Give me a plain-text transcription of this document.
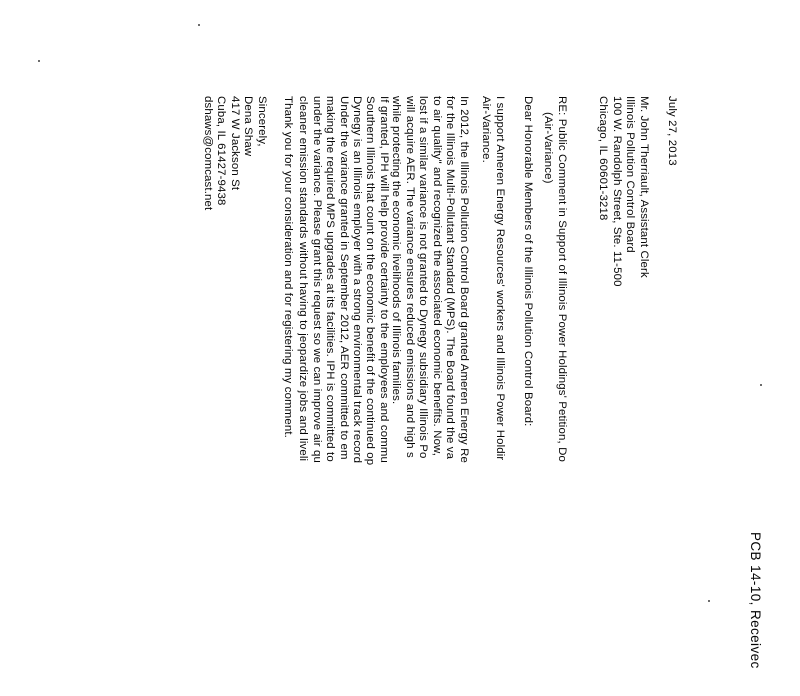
PCB 14-10, Receivec
July 27, 2013
Mr. John Therriault, Assistant Clerk
Illinois Pollution Control Board
100 W. Randolph Street, Ste. 11-500
Chicago, IL 60601-3218
RE: Public Comment in Support of Illinois Power Holdings' Petition, Do
(Air-Variance)
Dear Honorable Members of the Illinois Pollution Control Board:
I support Ameren Energy Resources' workers and Illinois Power Holdir
Air-Variance.
In 2012, the Illinois Pollution Control Board granted Ameren Energy Re
for the Illinois Multi-Pollutant Standard (MPS). The Board found the va
to air quality" and recognized the associated economic benefits. Now,
lost if a similar variance is not granted to Dynegy subsidiary Illinois Po
will acquire AER. The variance ensures reduced emissions and high s
while protecting the economic livelihoods of Illinois families.
If granted, IPH will help provide certainty to the employees and commu
Southern Illinois that count on the economic benefit of the continued op
Dynegy is an Illinois employer with a strong environmental track record
Under the variance granted in September 2012, AER committed to em
making the required MPS upgrades at its facilities. IPH is committed to
under the variance. Please grant this request so we can improve air qu
cleaner emission standards without having to jeopardize jobs and liveli
Thank you for your consideration and for registering my comment.
Sincerely,
Dena Shaw
417 W Jackson St
Cuba, IL 61427-9438
dshaws@comcast.net
